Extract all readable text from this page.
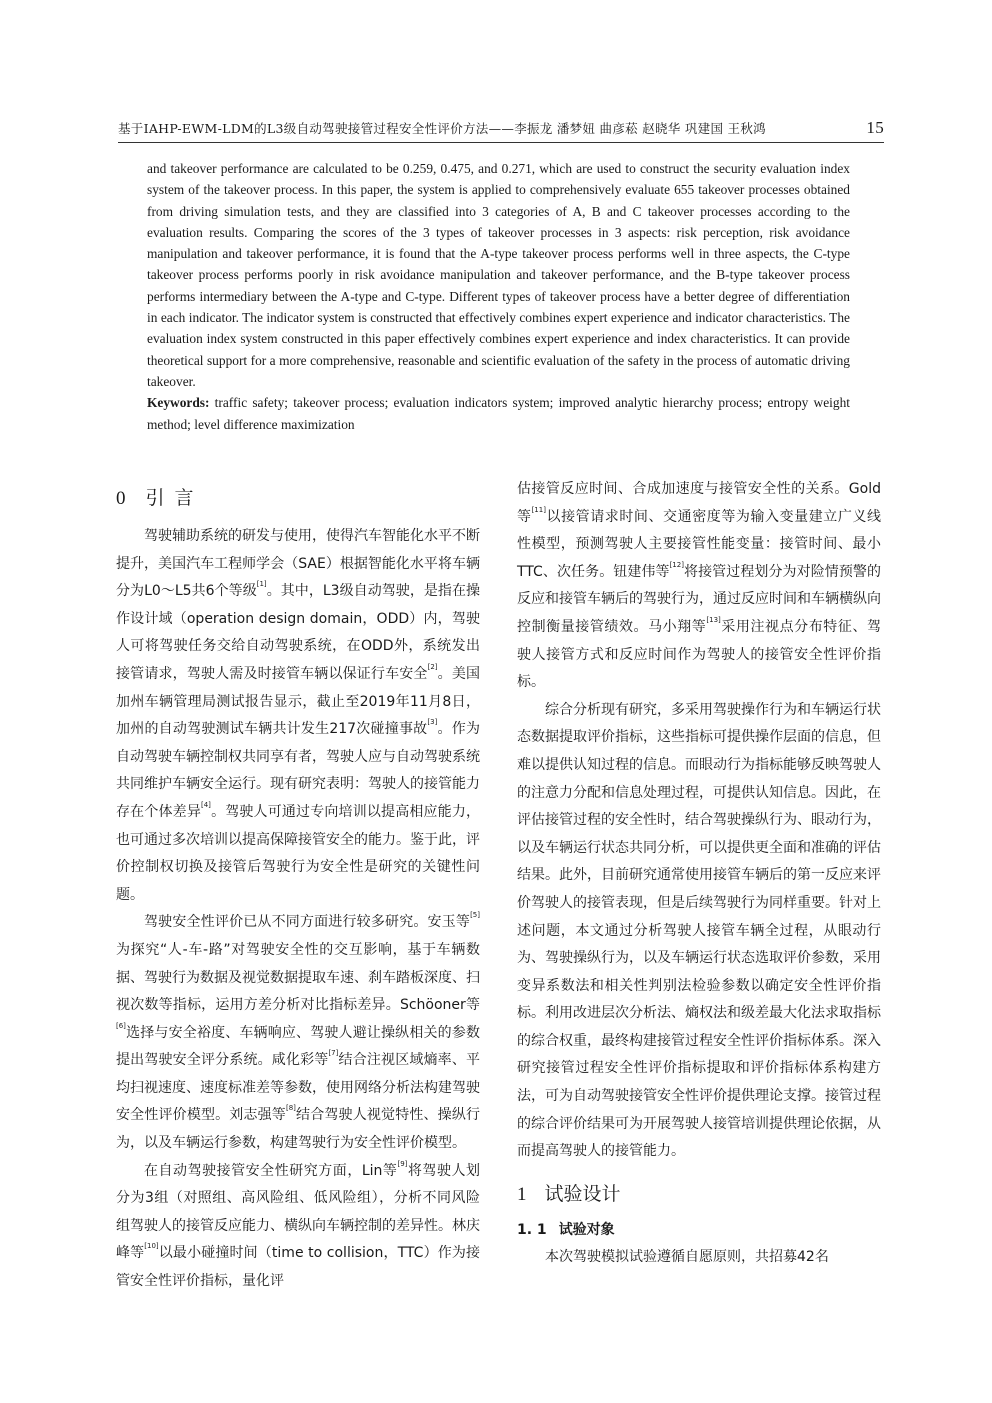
基于IAHP-EWM-LDM的L3级自动驾驶接管过程安全性评价方法——李振龙 潘梦妞 曲彦菘 赵晓华 巩建国 王秋鸿	15

and takeover performance are calculated to be 0.259, 0.475, and 0.271, which are used to construct the security evaluation index system of the takeover process. In this paper, the system is applied to comprehensively evaluate 655 takeover processes obtained from driving simulation tests, and they are classified into 3 categories of A, B and C takeover processes according to the evaluation results. Comparing the scores of the 3 types of takeover processes in 3 aspects: risk perception, risk avoidance manipulation and takeover performance, it is found that the A-type takeover process performs well in three aspects, the C-type takeover process performs poorly in risk avoidance manipulation and takeover performance, and the B-type takeover process performs intermediary between the A-type and C-type. Different types of takeover process have a better degree of differentiation in each indicator. The indicator system is constructed that effectively combines expert experience and indicator characteristics. The evaluation index system constructed in this paper effectively combines expert experience and index characteristics. It can provide theoretical support for a more comprehensive, reasonable and scientific evaluation of the safety in the process of automatic driving takeover.

Keywords: traffic safety; takeover process; evaluation indicators system; improved analytic hierarchy process; entropy weight method; level difference maximization

0 引 言

驾驶辅助系统的研发与使用，使得汽车智能化水平不断提升，美国汽车工程师学会（SAE）根据智能化水平将车辆分为L0～L5共6个等级[1]。其中，L3级自动驾驶，是指在操作设计域（operation design domain，ODD）内，驾驶人可将驾驶任务交给自动驾驶系统，在ODD外，系统发出接管请求，驾驶人需及时接管车辆以保证行车安全[2]。美国加州车辆管理局测试报告显示，截止至2019年11月8日，加州的自动驾驶测试车辆共计发生217次碰撞事故[3]。作为自动驾驶车辆控制权共同享有者，驾驶人应与自动驾驶系统共同维护车辆安全运行。现有研究表明：驾驶人的接管能力存在个体差异[4]。驾驶人可通过专向培训以提高相应能力，也可通过多次培训以提高保障接管安全的能力。鉴于此，评价控制权切换及接管后驾驶行为安全性是研究的关键性问题。

驾驶安全性评价已从不同方面进行较多研究。安玉等[5]为探究“人-车-路”对驾驶安全性的交互影响，基于车辆数据、驾驶行为数据及视觉数据提取车速、刹车踏板深度、扫视次数等指标，运用方差分析对比指标差异。Schöoner等[6]选择与安全裕度、车辆响应、驾驶人避让操纵相关的参数提出驾驶安全评分系统。咸化彩等[7]结合注视区域熵率、平均扫视速度、速度标准差等参数，使用网络分析法构建驾驶安全性评价模型。刘志强等[8]结合驾驶人视觉特性、操纵行为，以及车辆运行参数，构建驾驶行为安全性评价模型。

在自动驾驶接管安全性研究方面，Lin等[9]将驾驶人划分为3组（对照组、高风险组、低风险组），分析不同风险组驾驶人的接管反应能力、横纵向车辆控制的差异性。林庆峰等[10]以最小碰撞时间（time to collision，TTC）作为接管安全性评价指标，量化评

估接管反应时间、合成加速度与接管安全性的关系。Gold等[11]以接管请求时间、交通密度等为输入变量建立广义线性模型，预测驾驶人主要接管性能变量：接管时间、最小TTC、次任务。钮建伟等[12]将接管过程划分为对险情预警的反应和接管车辆后的驾驶行为，通过反应时间和车辆横纵向控制衡量接管绩效。马小翔等[13]采用注视点分布特征、驾驶人接管方式和反应时间作为驾驶人的接管安全性评价指标。

综合分析现有研究，多采用驾驶操作行为和车辆运行状态数据提取评价指标，这些指标可提供操作层面的信息，但难以提供认知过程的信息。而眼动行为指标能够反映驾驶人的注意力分配和信息处理过程，可提供认知信息。因此，在评估接管过程的安全性时，结合驾驶操纵行为、眼动行为，以及车辆运行状态共同分析，可以提供更全面和准确的评估结果。此外，目前研究通常使用接管车辆后的第一反应来评价驾驶人的接管表现，但是后续驾驶行为同样重要。针对上述问题，本文通过分析驾驶人接管车辆全过程，从眼动行为、驾驶操纵行为，以及车辆运行状态选取评价参数，采用变异系数法和相关性判别法检验参数以确定安全性评价指标。利用改进层次分析法、熵权法和级差最大化法求取指标的综合权重，最终构建接管过程安全性评价指标体系。深入研究接管过程安全性评价指标提取和评价指标体系构建方法，可为自动驾驶接管安全性评价提供理论支撑。接管过程的综合评价结果可为开展驾驶人接管培训提供理论依据，从而提高驾驶人的接管能力。

1 试验设计
1. 1 试验对象

本次驾驶模拟试验遵循自愿原则，共招募42名
